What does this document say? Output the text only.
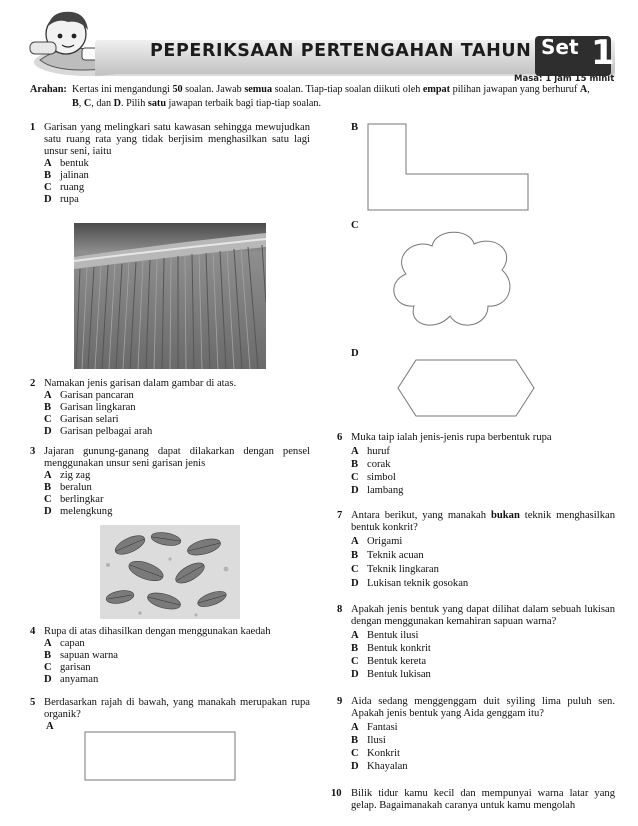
PEPERIKSAAN PERTENGAHAN TAHUN Set 1
Masa: 1 jam 15 minit
Arahan: Kertas ini mengandungi 50 soalan. Jawab semua soalan. Tiap-tiap soalan diikuti oleh empat pilihan jawapan yang berhuruf A,
B, C, dan D. Pilih satu jawapan terbaik bagi tiap-tiap soalan.
1 Garisan yang melingkari satu kawasan sehingga mewujudkan satu ruang rata yang tidak berjisim menghasilkan satu lagi unsur seni, iaitu
A bentuk
B jalinan
C ruang
D rupa
2 Namakan jenis garisan dalam gambar di atas.
A Garisan pancaran
B Garisan lingkaran
C Garisan selari
D Garisan pelbagai arah
3 Jajaran gunung-ganang dapat dilakarkan dengan pensel menggunakan unsur seni garisan jenis
A zig zag
B beralun
C berlingkar
D melengkung
4 Rupa di atas dihasilkan dengan menggunakan kaedah
A capan
B sapuan warna
C garisan
D anyaman
5 Berdasarkan rajah di bawah, yang manakah merupakan rupa organik?
A
B
C
D
6 Muka taip ialah jenis-jenis rupa berbentuk rupa
A huruf
B corak
C simbol
D lambang
7 Antara berikut, yang manakah bukan teknik menghasilkan bentuk konkrit?
A Origami
B Teknik acuan
C Teknik lingkaran
D Lukisan teknik gosokan
8 Apakah jenis bentuk yang dapat dilihat dalam sebuah lukisan dengan menggunakan kemahiran sapuan warna?
A Bentuk ilusi
B Bentuk konkrit
C Bentuk kereta
D Bentuk lukisan
9 Aida sedang menggenggam duit syiling lima puluh sen. Apakah jenis bentuk yang Aida genggam itu?
A Fantasi
B Ilusi
C Konkrit
D Khayalan
10 Bilik tidur kamu kecil dan mempunyai warna latar yang gelap. Bagaimanakah caranya untuk kamu mengolah
